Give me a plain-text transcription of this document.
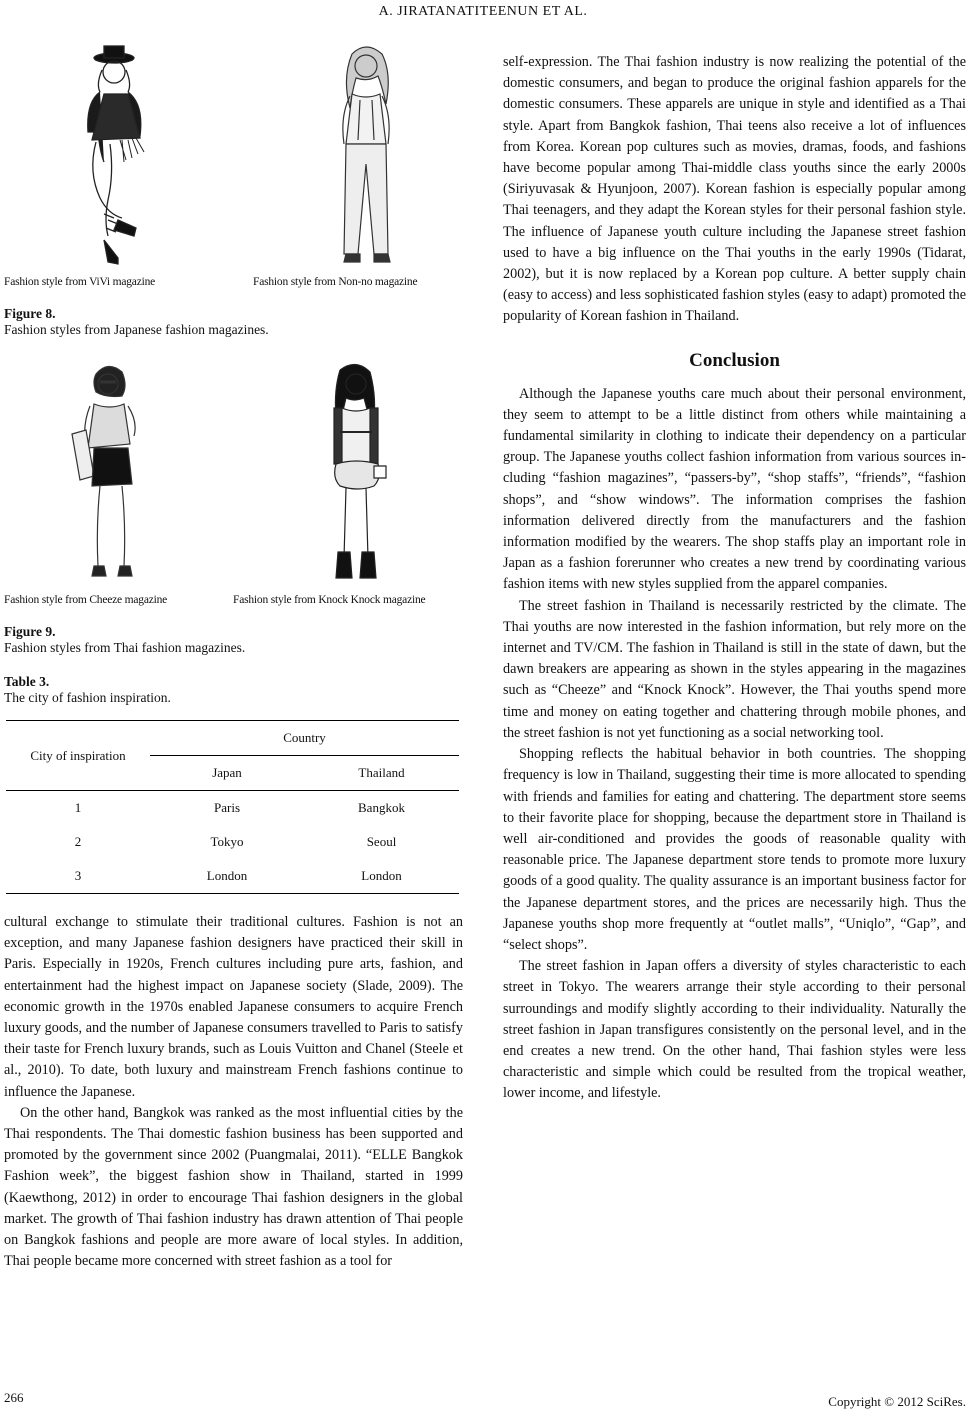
A. JIRATANATITEENUN ET AL.
Fashion style from ViVi magazine	Fashion style from Non-no magazine
Figure 8.
Fashion styles from Japanese fashion magazines.
Fashion style from Cheeze magazine	Fashion style from Knock Knock magazine
Figure 9.
Fashion styles from Thai fashion magazines.
Table 3.
The city of fashion inspiration.
City of inspiration	Country	
	Japan	Thailand
1	Paris	Bangkok
2	Tokyo	Seoul
3	London	London

cultural exchange to stimulate their traditional cultures. Fashion is not an exception, and many Japanese fashion designers have practiced their skill in Paris. Especially in 1920s, French cultures including pure arts, fashion, and entertainment had the highest impact on Japanese society (Slade, 2009). The economic growth in the 1970s enabled Japanese consumers to acquire French luxury goods, and the number of Japanese consumers travelled to Paris to satisfy their taste for French luxury brands, such as Louis Vuitton and Chanel (Steele et al., 2010). To date, both luxury and mainstream French fashions continue to influence the Japanese.

On the other hand, Bangkok was ranked as the most influential cities by the Thai respondents. The Thai domestic fashion business has been supported and promoted by the government since 2002 (Puangmalai, 2011). “ELLE Bangkok Fashion week”, the biggest fashion show in Thailand, started in 1999 (Kaewthong, 2012) in order to encourage Thai fashion designers in the global market. The growth of Thai fashion industry has drawn attention of Thai people on Bangkok fashions and people are more aware of local styles. In addition, Thai people became more concerned with street fashion as a tool for

self-expression. The Thai fashion industry is now realizing the potential of the domestic consumers, and began to produce the original fashion apparels for the domestic consumers. These apparels are unique in style and identified as a Thai style. Apart from Bangkok fashion, Thai teens also receive a lot of influences from Korea. Korean pop cultures such as movies, dramas, foods, and fashions have become popular among Thai-middle class youths since the early 2000s (Siriyuvasak & Hyunjoon, 2007). Korean fashion is especially popular among Thai teenagers, and they adapt the Korean styles for their personal fashion style. The influence of Japanese youth culture including the Japanese street fashion used to have a big influence on the Thai youths in the early 1990s (Tidarat, 2002), but it is now replaced by a Korean pop culture. A better supply chain (easy to access) and less sophisticated fashion styles (easy to adapt) promoted the popularity of Korean fashion in Thailand.

Conclusion

Although the Japanese youths care much about their personal environment, they seem to attempt to be a little distinct from others while maintaining a fundamental similarity in clothing to indicate their dependency on a particular group. The Japanese youths collect fashion information from various sources including “fashion magazines”, “passers-by”, “shop staffs”, “friends”, “fashion shops”, and “show windows”. The information comprises the fashion information delivered directly from the manufacturers and the fashion information modified by the wearers. The shop staffs play an important role in Japan as a fashion forerunner who creates a new trend by coordinating various fashion items with new styles supplied from the apparel companies.

The street fashion in Thailand is necessarily restricted by the climate. The Thai youths are now interested in the fashion information, but rely more on the internet and TV/CM. The fashion in Thailand is still in the state of dawn, but the dawn breakers are appearing as shown in the styles appearing in the magazines such as “Cheeze” and “Knock Knock”. However, the Thai youths spend more time and money on eating together and chattering through mobile phones, and the street fashion is not yet functioning as a social networking tool.

Shopping reflects the habitual behavior in both countries. The shopping frequency is low in Thailand, suggesting their time is more allocated to spending with friends and families for eating and chattering. The department store seems to their favorite place for shopping, because the department store in Thailand is well air-conditioned and provides the goods of reasonable quality with reasonable price. The Japanese department store tends to promote more luxury goods of a good quality. The quality assurance is an important business factor for the Japanese department stores, and the prices are necessarily high. Thus the Japanese youths shop more frequently at “outlet malls”, “Uniqlo”, “Gap”, and “select shops”.

The street fashion in Japan offers a diversity of styles characteristic to each street in Tokyo. The wearers arrange their style according to their personal surroundings and modify slightly according to their individuality. Naturally the street fashion in Japan transfigures consistently on the personal level, and in the end creates a new trend. On the other hand, Thai fashion styles were less characteristic and simple which could be resulted from the tropical weather, lower income, and lifestyle.

266	Copyright © 2012 SciRes.
